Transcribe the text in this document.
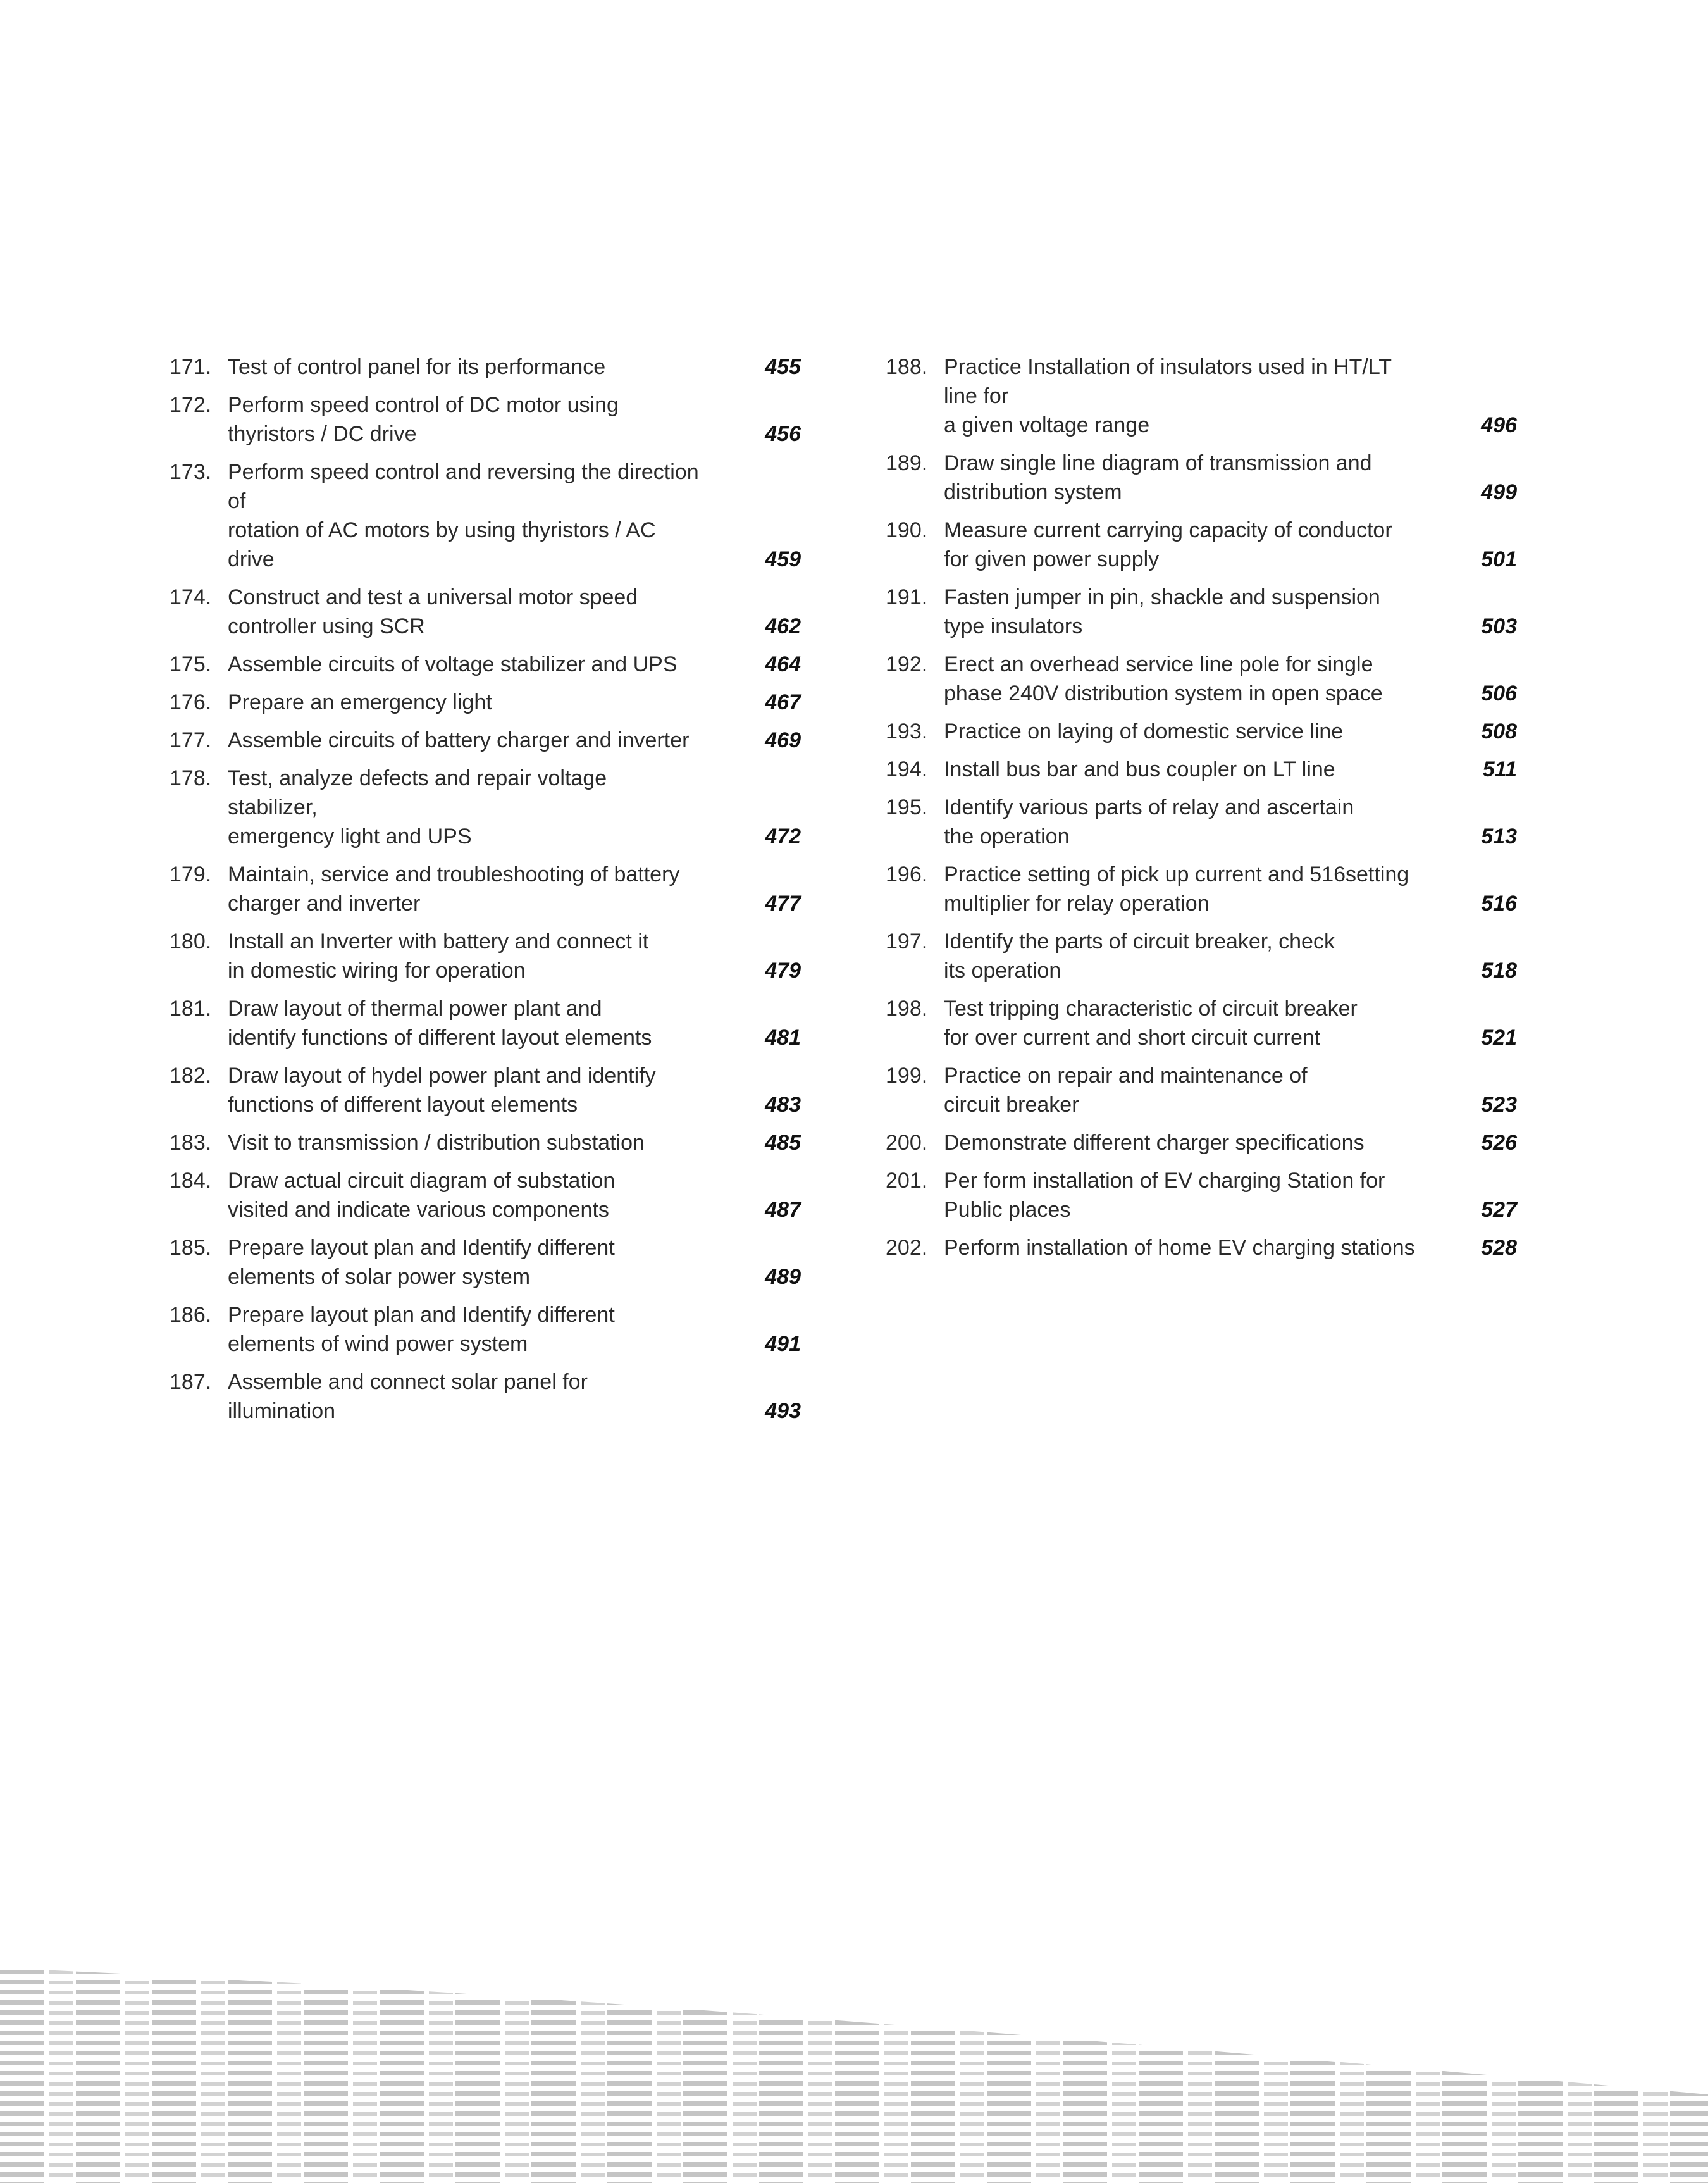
171. Test of control panel for its performance	455
172. Perform speed control of DC motor using
thyristors / DC drive	456
173. Perform speed control and reversing the direction of
rotation of AC motors by using thyristors / AC drive	459
174. Construct and test a universal motor speed
controller using SCR	462
175. Assemble circuits of voltage stabilizer and UPS	464
176. Prepare an emergency light	467
177. Assemble circuits of battery charger and inverter	469
178. Test, analyze defects and repair voltage stabilizer,
emergency light and UPS	472
179. Maintain, service and troubleshooting of battery
charger and inverter	477
180. Install an Inverter with battery and connect it
in domestic wiring for operation	479
181. Draw layout of thermal power plant and
identify functions of different layout elements	481
182. Draw layout of hydel power plant and identify
functions of different layout elements	483
183. Visit to transmission / distribution substation	485
184. Draw actual circuit diagram of substation
visited and indicate various components	487
185. Prepare layout plan and Identify different
elements of solar power system	489
186. Prepare layout plan and Identify different
elements of wind power system	491
187. Assemble and connect solar panel for illumination	493
188. Practice Installation of insulators used in HT/LT line for
a given voltage range	496
189. Draw single line diagram of transmission and
distribution system	499
190. Measure current carrying capacity of conductor
for given power supply	501
191. Fasten jumper in pin, shackle and suspension
type insulators	503
192. Erect an overhead service line pole for single
phase 240V distribution system in open space	506
193. Practice on laying of domestic service line	508
194. Install bus bar and bus coupler on LT line	511
195. Identify various parts of relay and ascertain
the operation	513
196. Practice setting of pick up current and 516setting
multiplier for relay operation	516
197. Identify the parts of circuit breaker, check
its operation	518
198. Test tripping characteristic of circuit breaker
for over current and short circuit current	521
199. Practice on repair and maintenance of
circuit breaker	523
200. Demonstrate different charger specifications	526
201. Per form installation of EV charging Station for
Public places	527
202. Perform installation of home EV charging stations	528
